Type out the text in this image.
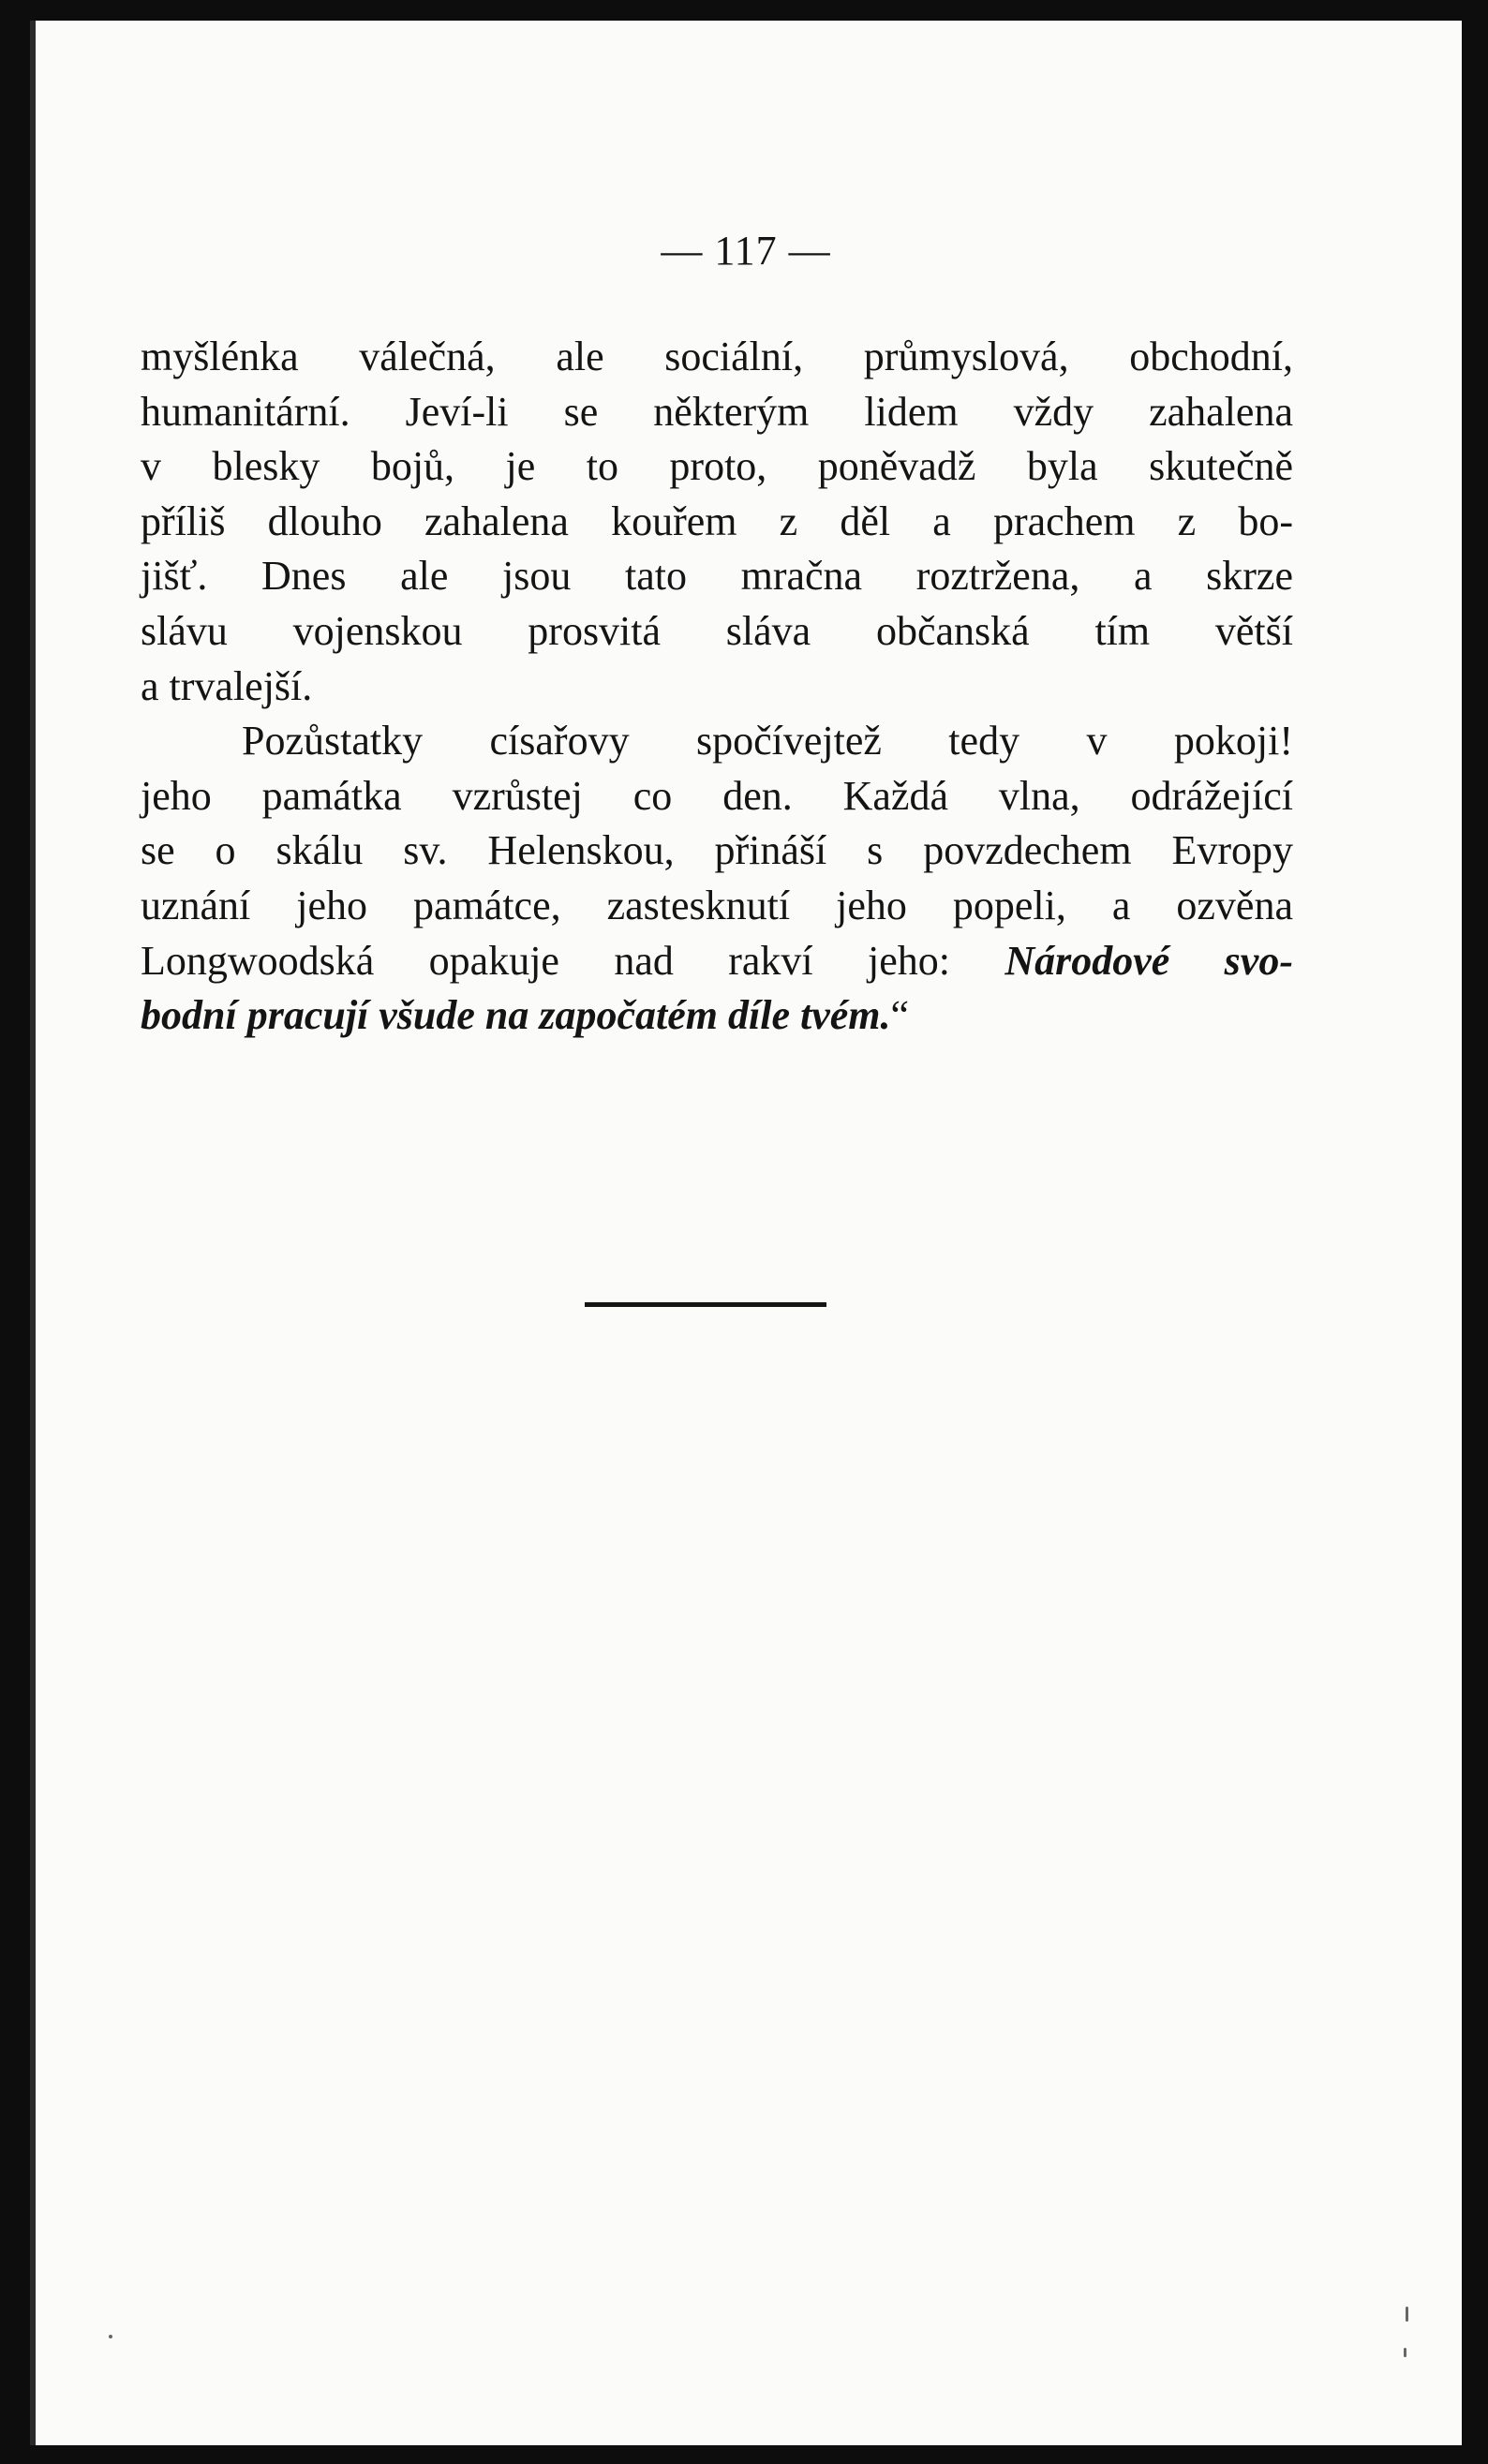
— 117 —
myšlénka válečná, ale sociální, průmyslová, obchodní,
humanitární. Jeví-li se některým lidem vždy zahalena
v blesky bojů, je to proto, poněvadž byla skutečně
příliš dlouho zahalena kouřem z děl a prachem z bo-
jišť. Dnes ale jsou tato mračna roztržena, a skrze
slávu vojenskou prosvitá sláva občanská tím větší
a trvalejší.
Pozůstatky císařovy spočívejtež tedy v pokoji!
jeho památka vzrůstej co den. Každá vlna, odrážející
se o skálu sv. Helenskou, přináší s povzdechem Evropy
uznání jeho památce, zastesknutí jeho popeli, a ozvěna
Longwoodská opakuje nad rakví jeho: Národové svo-
bodní pracují všude na započatém díle tvém.“
